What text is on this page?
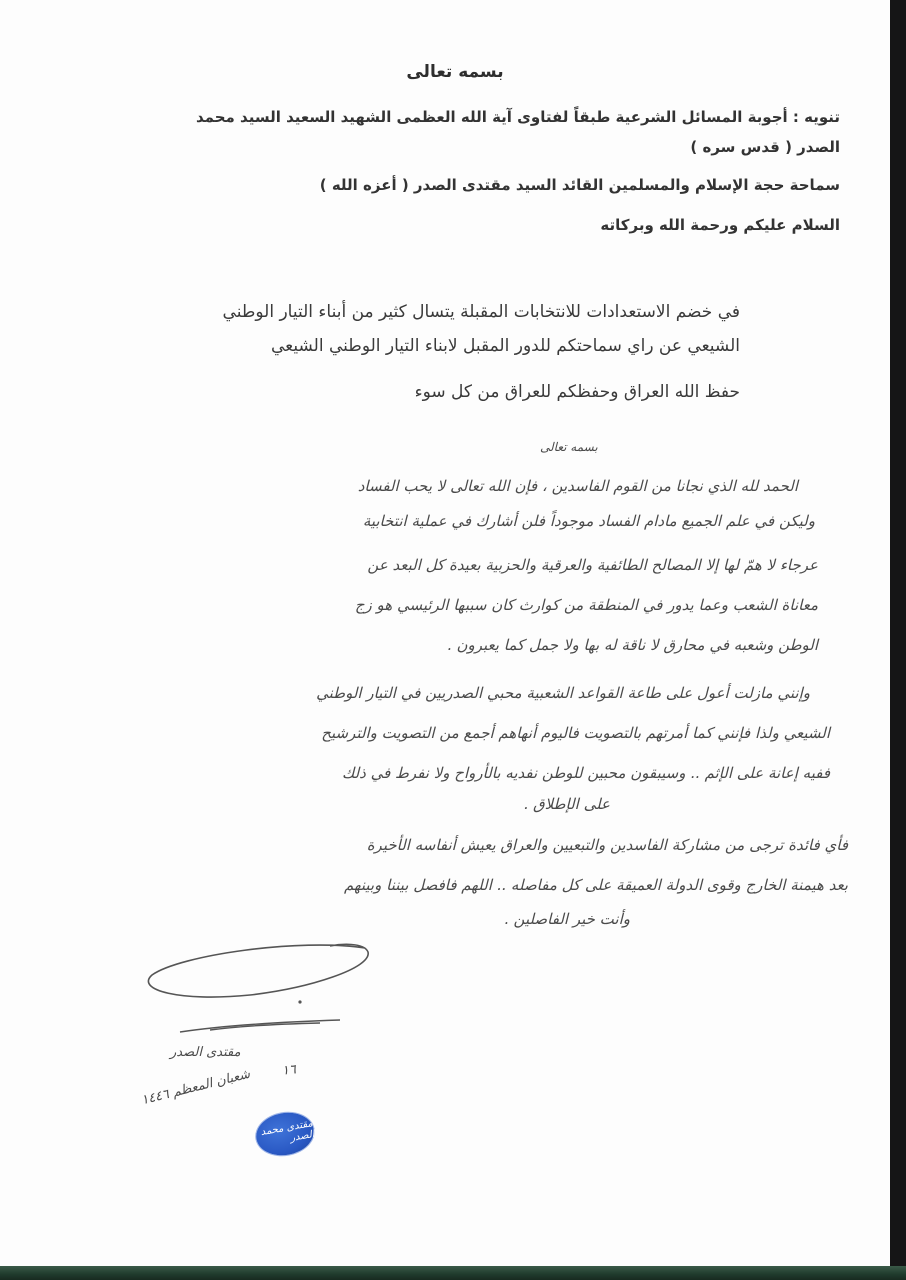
بسمه تعالى
تنويه : أجوبة المسائل الشرعية طبقاً لفتاوى آية الله العظمى الشهيد السعيد السيد محمد
الصدر ( قدس سره )
سماحة حجة الإسلام والمسلمين القائد السيد مقتدى الصدر ( أعزه الله )
السلام عليكم ورحمة الله وبركاته
في خضم الاستعدادات للانتخابات المقبلة يتسال كثير من أبناء التيار الوطني
الشيعي عن راي سماحتكم للدور المقبل لابناء التيار الوطني الشيعي
حفظ الله العراق وحفظكم للعراق من كل سوء
بسمه تعالى
الحمد لله الذي نجانا من القوم الفاسدين ، فإن الله تعالى لا يحب الفساد
وليكن في علم الجميع مادام الفساد موجوداً فلن أشارك في عملية انتخابية
عرجاء لا همّ لها إلا المصالح الطائفية والعرقية والحزبية بعيدة كل البعد عن
معاناة الشعب وعما يدور في المنطقة من كوارث كان سببها الرئيسي هو زج
الوطن وشعبه في محارق لا ناقة له بها ولا جمل كما يعبرون .
وإنني مازلت أعول على طاعة القواعد الشعبية محبي الصدريين في التيار الوطني
الشيعي ولذا فإنني كما أمرتهم بالتصويت فاليوم أنهاهم أجمع من التصويت والترشيح
ففيه إعانة على الإثم .. وسيبقون محبين للوطن نفديه بالأرواح ولا نفرط في ذلك
على الإطلاق .
فأي فائدة ترجى من مشاركة الفاسدين والتبعيين والعراق يعيش أنفاسه الأخيرة
بعد هيمنة الخارج وقوى الدولة العميقة على كل مفاصله .. اللهم فافصل بيننا وبينهم
وأنت خير الفاصلين .
مقتدى الصدر
١٦
شعبان المعظم ١٤٤٦
مقتدى محمد الصدر
